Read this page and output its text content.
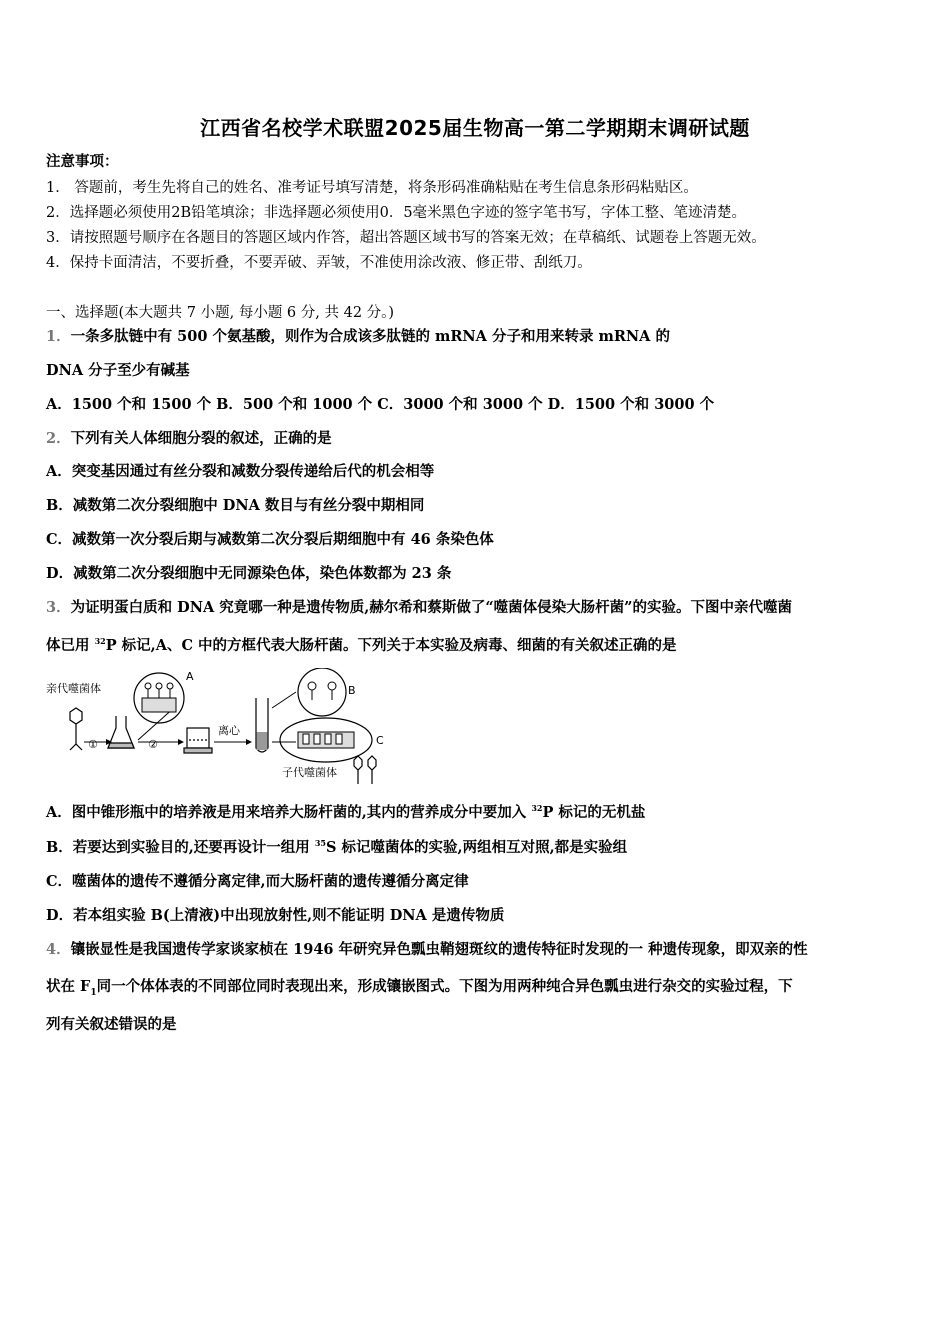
江西省名校学术联盟2025届生物高一第二学期期末调研试题
注意事项：
1． 答题前，考生先将自己的姓名、准考证号填写清楚，将条形码准确粘贴在考生信息条形码粘贴区。
2．选择题必须使用2B铅笔填涂；非选择题必须使用0．5毫米黑色字迹的签字笔书写，字体工整、笔迹清楚。
3．请按照题号顺序在各题目的答题区域内作答，超出答题区域书写的答案无效；在草稿纸、试题卷上答题无效。
4．保持卡面清洁，不要折叠，不要弄破、弄皱，不准使用涂改液、修正带、刮纸刀。
一、选择题(本大题共 7 小题, 每小题 6 分, 共 42 分。)
1．一条多肽链中有 500 个氨基酸，则作为合成该多肽链的 mRNA 分子和用来转录 mRNA 的
DNA 分子至少有碱基
A．1500 个和 1500 个 B．500 个和 1000 个 C．3000 个和 3000 个 D．1500 个和 3000 个
2．下列有关人体细胞分裂的叙述，正确的是
A．突变基因通过有丝分裂和减数分裂传递给后代的机会相等
B．减数第二次分裂细胞中 DNA 数目与有丝分裂中期相同
C．减数第一次分裂后期与减数第二次分裂后期细胞中有 46 条染色体
D．减数第二次分裂细胞中无同源染色体，染色体数都为 23 条
3．为证明蛋白质和 DNA 究竟哪一种是遗传物质,赫尔希和蔡斯做了“噬菌体侵染大肠杆菌”的实验。下图中亲代噬菌
体已用 $^{32}$P 标记,A、C 中的方框代表大肠杆菌。下列关于本实验及病毒、细菌的有关叙述正确的是
亲代噬菌体
①	②
A
离心
B
C
子代噬菌体
A．图中锥形瓶中的培养液是用来培养大肠杆菌的,其内的营养成分中要加入 $^{32}$P 标记的无机盐
B．若要达到实验目的,还要再设计一组用 $^{35}$S 标记噬菌体的实验,两组相互对照,都是实验组
C．噬菌体的遗传不遵循分离定律,而大肠杆菌的遗传遵循分离定律
D．若本组实验 B(上清液)中出现放射性,则不能证明 DNA 是遗传物质
4．镶嵌显性是我国遗传学家谈家桢在 1946 年研究异色瓢虫鞘翅斑纹的遗传特征时发现的一 种遗传现象，即双亲的性
状在 $F_1$同一个体体表的不同部位同时表现出来，形成镶嵌图式。下图为用两种纯合异色瓢虫进行杂交的实验过程，下
列有关叙述错误的是
